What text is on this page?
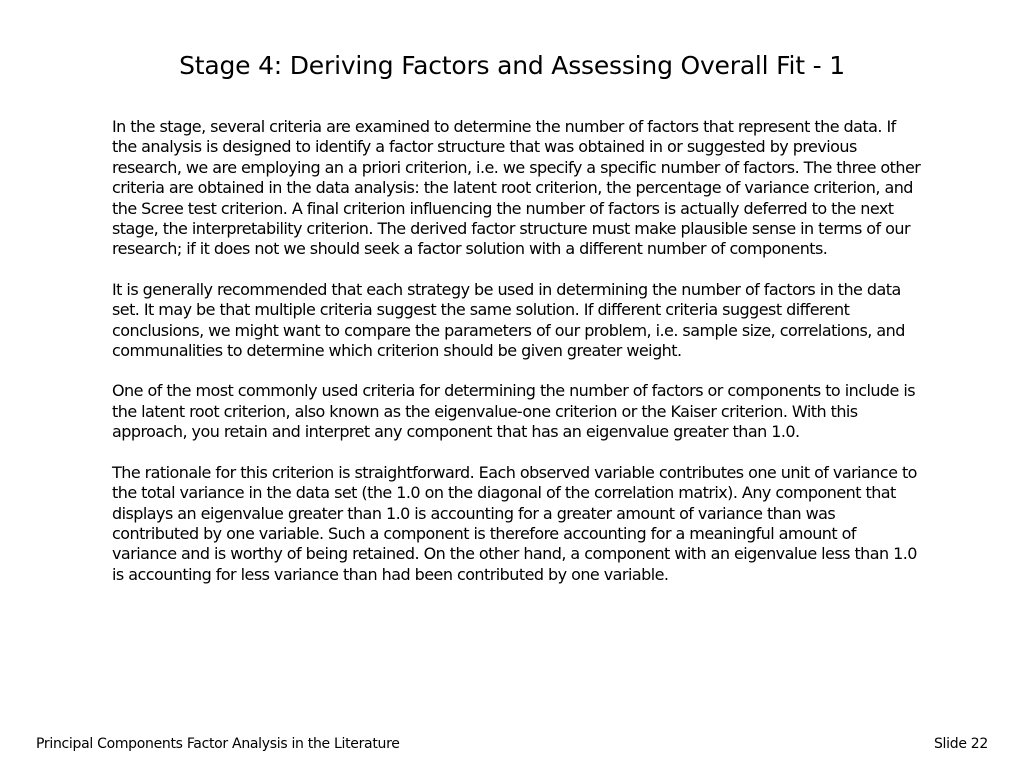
Stage 4: Deriving Factors and Assessing Overall Fit - 1

In the stage, several criteria are examined to determine the number of factors that represent the data. If the analysis is designed to identify a factor structure that was obtained in or suggested by previous research, we are employing an a priori criterion, i.e. we specify a specific number of factors. The three other criteria are obtained in the data analysis: the latent root criterion, the percentage of variance criterion, and the Scree test criterion. A final criterion influencing the number of factors is actually deferred to the next stage, the interpretability criterion. The derived factor structure must make plausible sense in terms of our research; if it does not we should seek a factor solution with a different number of components.

It is generally recommended that each strategy be used in determining the number of factors in the data set. It may be that multiple criteria suggest the same solution. If different criteria suggest different conclusions, we might want to compare the parameters of our problem, i.e. sample size, correlations, and communalities to determine which criterion should be given greater weight.

One of the most commonly used criteria for determining the number of factors or components to include is the latent root criterion, also known as the eigenvalue-one criterion or the Kaiser criterion. With this approach, you retain and interpret any component that has an eigenvalue greater than 1.0.

The rationale for this criterion is straightforward. Each observed variable contributes one unit of variance to the total variance in the data set (the 1.0 on the diagonal of the correlation matrix). Any component that displays an eigenvalue greater than 1.0 is accounting for a greater amount of variance than was contributed by one variable. Such a component is therefore accounting for a meaningful amount of variance and is worthy of being retained. On the other hand, a component with an eigenvalue less than 1.0 is accounting for less variance than had been contributed by one variable.

Principal Components Factor Analysis in the Literature	Slide 22
